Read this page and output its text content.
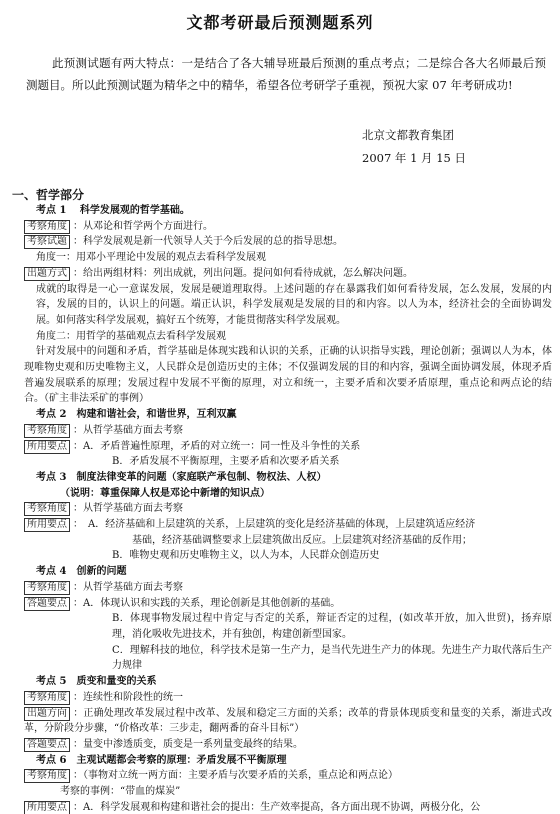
文都考研最后预测题系列
此预测试题有两大特点：一是结合了各大辅导班最后预测的重点考点；二是综合各大名师最后预测题目。所以此预测试题为精华之中的精华，希望各位考研学子重视，预祝大家 07 年考研成功!
北京文都教育集团
2007 年 1 月 15 日
一、哲学部分
考点 1　 科学发展观的哲学基础。
考察角度 ：从邓论和哲学两个方面进行。
考察试题 ：科学发展观是新一代领导人关于今后发展的总的指导思想。
角度一：用邓小平理论中发展的观点去看科学发展观
出题方式 ：给出两组材料：列出成就，列出问题。提问如何看待成就，怎么解决问题。
成就的取得是一心一意谋发展，发展是硬道理取得。上述问题的存在暴露我们如何看待发展，怎么发展，发展的内容，发展的目的，认识上的问题。端正认识，科学发展观是发展的目的和内容。以人为本，经济社会的全面协调发展。如何落实科学发展观，搞好五个统筹，才能贯彻落实科学发展观。
角度二：用哲学的基础观点去看科学发展观
针对发展中的问题和矛盾，哲学基础是体现实践和认识的关系，正确的认识指导实践，理论创新；强调以人为本，体现唯物史观和历史唯物主义，人民群众是创造历史的主体；不仅强调发展的目的和内容，强调全面协调发展，体现矛盾普遍发展联系的原理；发展过程中发展不平衡的原理，对立和统一，主要矛盾和次要矛盾原理，重点论和两点论的结合。（矿主非法采矿的事例）
考点 2　构建和谐社会，和谐世界，互利双赢
考察角度 ：从哲学基础方面去考察
所用要点 ：A．矛盾普遍性原理，矛盾的对立统一：同一性及斗争性的关系
B．矛盾发展不平衡原理，主要矛盾和次要矛盾关系
考点 3　制度法律变革的问题（家庭联产承包制、物权法、人权）
（说明：尊重保障人权是邓论中新增的知识点）
考察角度 ：从哲学基础方面去考察
所用要点 ：　A．经济基础和上层建筑的关系，上层建筑的变化是经济基础的体现，上层建筑适应经济
基础，经济基础调整要求上层建筑做出反应。上层建筑对经济基础的反作用；
B．唯物史观和历史唯物主义，以人为本，人民群众创造历史
考点 4　创新的问题
考察角度 ：从哲学基础方面去考察
答题要点 ：A．体现认识和实践的关系，理论创新是其他创新的基础。
B．体现事物发展过程中肯定与否定的关系，辩证否定的过程，(如改革开放，加入世贸)，扬弃原理，消化吸收先进技术，并有独创，构建创新型国家。
C．理解科技的地位，科学技术是第一生产力，是当代先进生产力的体现。先进生产力取代落后生产力规律
考点 5　质变和量变的关系
考察角度 ：连续性和阶段性的统一
出题方向 ：正确处理改革发展过程中改革、发展和稳定三方面的关系；改革的背景体现质变和量变的关系，渐进式改革，分阶段分步骤，“价格改革：三步走，翻两番的奋斗目标”）
答题要点 ：量变中渗透质变，质变是一系列量变最终的结果。
考点 6　主观试题都会考察的原理：矛盾发展不平衡原理
考察角度 ：（事物对立统一两方面：主要矛盾与次要矛盾的关系，重点论和两点论）
考察的事例：“带血的煤炭”
所用要点 ：A．科学发展观和构建和谐社会的提出：生产效率提高，各方面出现不协调，两极分化，公
